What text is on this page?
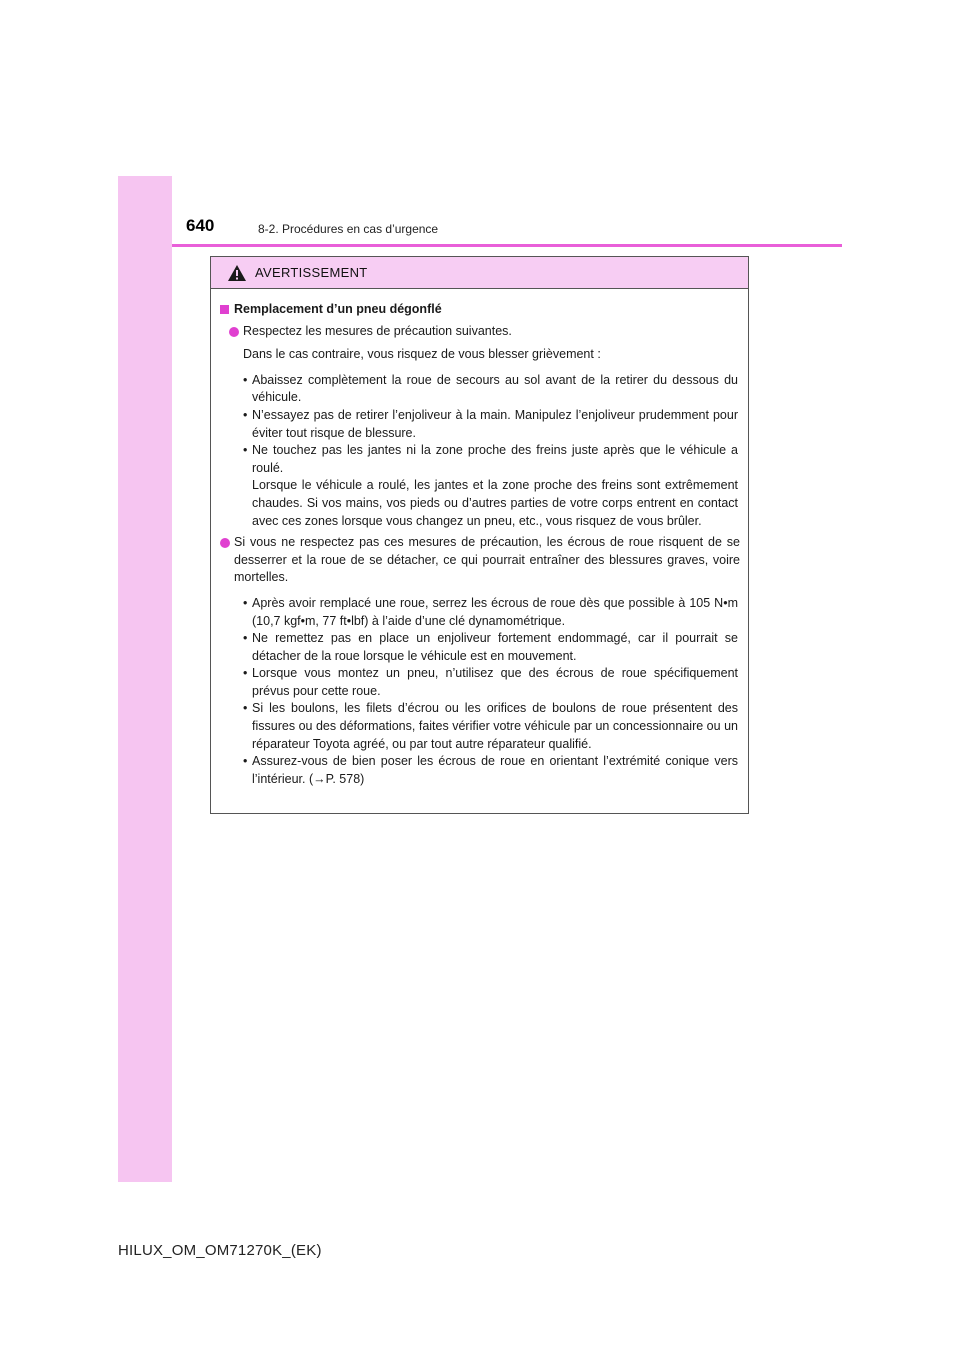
640	8-2. Procédures en cas d’urgence
AVERTISSEMENT
Remplacement d’un pneu dégonflé
Respectez les mesures de précaution suivantes.
Dans le cas contraire, vous risquez de vous blesser grièvement :
• Abaissez complètement la roue de secours au sol avant de la retirer du dessous du véhicule.
• N’essayez pas de retirer l’enjoliveur à la main. Manipulez l’enjoliveur prudemment pour éviter tout risque de blessure.
• Ne touchez pas les jantes ni la zone proche des freins juste après que le véhicule a roulé.
Lorsque le véhicule a roulé, les jantes et la zone proche des freins sont extrêmement chaudes. Si vos mains, vos pieds ou d’autres parties de votre corps entrent en contact avec ces zones lorsque vous changez un pneu, etc., vous risquez de vous brûler.
Si vous ne respectez pas ces mesures de précaution, les écrous de roue risquent de se desserrer et la roue de se détacher, ce qui pourrait entraîner des blessures graves, voire mortelles.
• Après avoir remplacé une roue, serrez les écrous de roue dès que possible à 105 N•m (10,7 kgf•m, 77 ft•lbf) à l’aide d’une clé dynamométrique.
• Ne remettez pas en place un enjoliveur fortement endommagé, car il pourrait se détacher de la roue lorsque le véhicule est en mouvement.
• Lorsque vous montez un pneu, n’utilisez que des écrous de roue spécifiquement prévus pour cette roue.
• Si les boulons, les filets d’écrou ou les orifices de boulons de roue présentent des fissures ou des déformations, faites vérifier votre véhicule par un concessionnaire ou un réparateur Toyota agréé, ou par tout autre réparateur qualifié.
• Assurez-vous de bien poser les écrous de roue en orientant l’extrémité conique vers l’intérieur. (→P. 578)
HILUX_OM_OM71270K_(EK)
